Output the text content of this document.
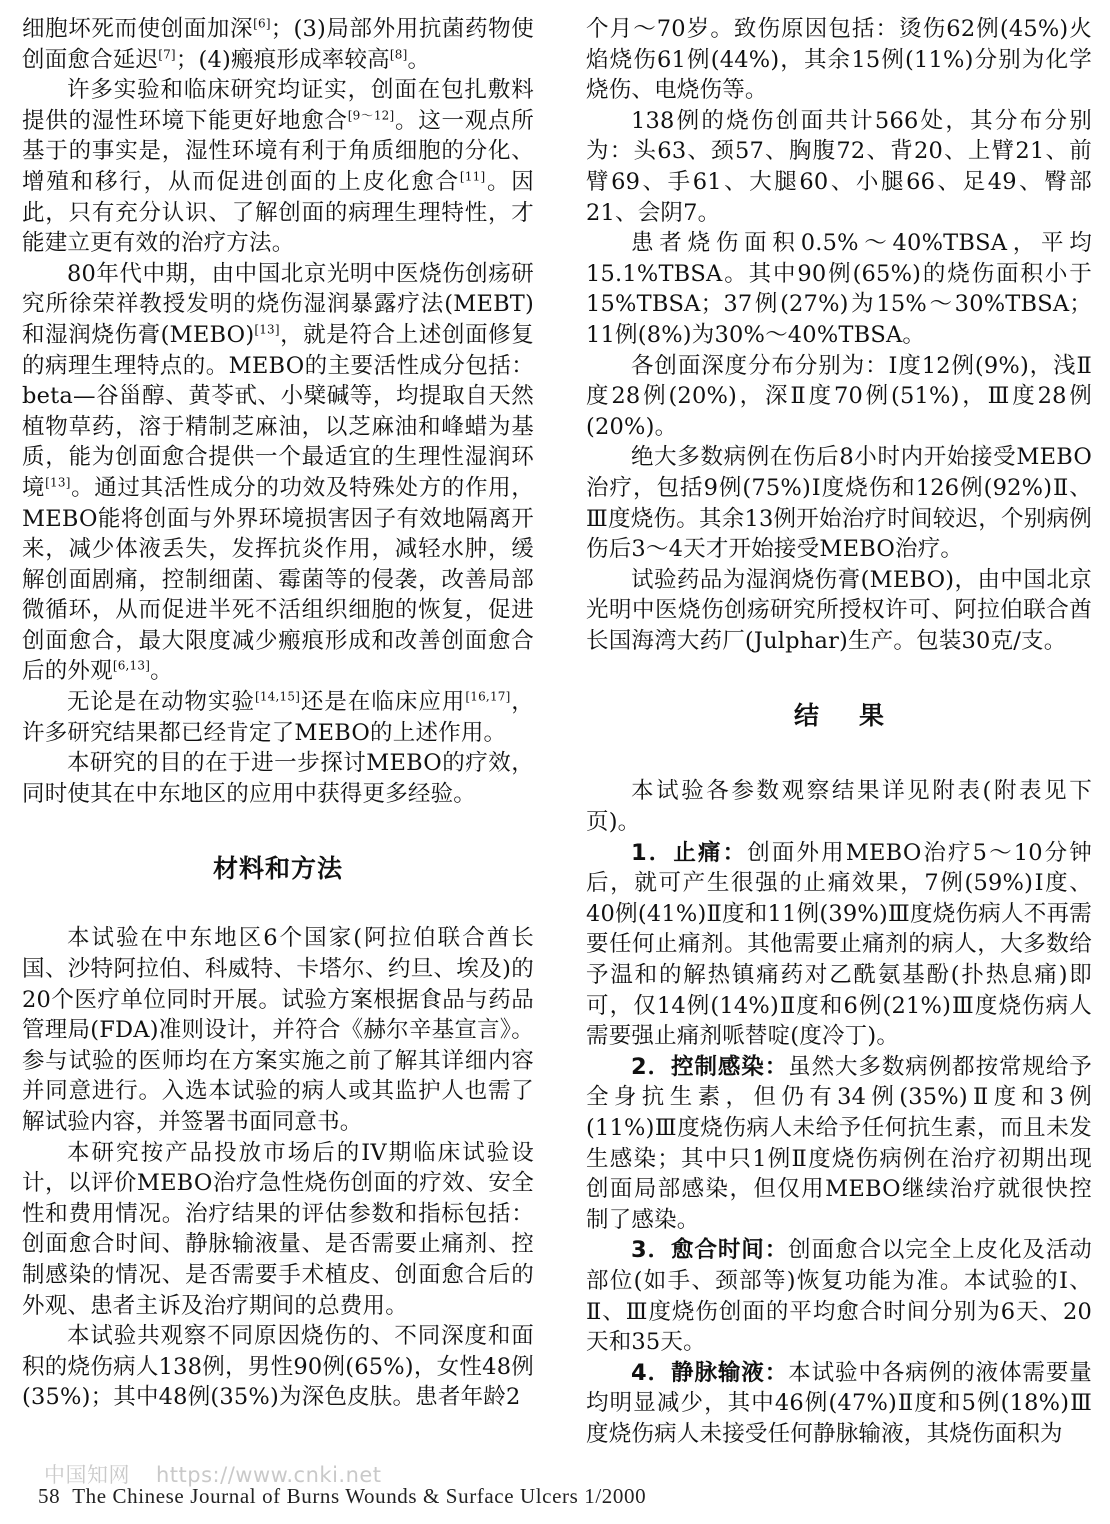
细胞坏死而使创面加深[6]；(3)局部外用抗菌药物使创面愈合延迟[7]；(4)瘢痕形成率较高[8]。

许多实验和临床研究均证实，创面在包扎敷料提供的湿性环境下能更好地愈合[9～12]。这一观点所基于的事实是，湿性环境有利于角质细胞的分化、增殖和移行，从而促进创面的上皮化愈合[11]。因此，只有充分认识、了解创面的病理生理特性，才能建立更有效的治疗方法。

80年代中期，由中国北京光明中医烧伤创疡研究所徐荣祥教授发明的烧伤湿润暴露疗法(MEBT)和湿润烧伤膏(MEBO)[13]，就是符合上述创面修复的病理生理特点的。MEBO的主要活性成分包括：beta—谷甾醇、黄苓甙、小檗碱等，均提取自天然植物草药，溶于精制芝麻油，以芝麻油和峰蜡为基质，能为创面愈合提供一个最适宜的生理性湿润环境[13]。通过其活性成分的功效及特殊处方的作用，MEBO能将创面与外界环境损害因子有效地隔离开来，减少体液丢失，发挥抗炎作用，减轻水肿，缓解创面剧痛，控制细菌、霉菌等的侵袭，改善局部微循环，从而促进半死不活组织细胞的恢复，促进创面愈合，最大限度减少瘢痕形成和改善创面愈合后的外观[6,13]。

无论是在动物实验[14,15]还是在临床应用[16,17]，许多研究结果都已经肯定了MEBO的上述作用。

本研究的目的在于进一步探讨MEBO的疗效，同时使其在中东地区的应用中获得更多经验。

材料和方法

本试验在中东地区6个国家(阿拉伯联合酋长国、沙特阿拉伯、科威特、卡塔尔、约旦、埃及)的20个医疗单位同时开展。试验方案根据食品与药品管理局(FDA)准则设计，并符合《赫尔辛基宣言》。参与试验的医师均在方案实施之前了解其详细内容并同意进行。入选本试验的病人或其监护人也需了解试验内容，并签署书面同意书。

本研究按产品投放市场后的IV期临床试验设计，以评价MEBO治疗急性烧伤创面的疗效、安全性和费用情况。治疗结果的评估参数和指标包括：创面愈合时间、静脉输液量、是否需要止痛剂、控制感染的情况、是否需要手术植皮、创面愈合后的外观、患者主诉及治疗期间的总费用。

本试验共观察不同原因烧伤的、不同深度和面积的烧伤病人138例，男性90例(65%)，女性48例(35%)；其中48例(35%)为深色皮肤。患者年龄2

个月～70岁。致伤原因包括：烫伤62例(45%)火焰烧伤61例(44%)，其余15例(11%)分别为化学烧伤、电烧伤等。

138例的烧伤创面共计566处，其分布分别为：头63、颈57、胸腹72、背20、上臂21、前臂69、手61、大腿60、小腿66、足49、臀部21、会阴7。

患者烧伤面积0.5%～40%TBSA，平均15.1%TBSA。其中90例(65%)的烧伤面积小于15%TBSA；37例(27%)为15%～30%TBSA；11例(8%)为30%～40%TBSA。

各创面深度分布分别为：Ⅰ度12例(9%)，浅Ⅱ度28例(20%)，深Ⅱ度70例(51%)，Ⅲ度28例(20%)。

绝大多数病例在伤后8小时内开始接受MEBO治疗，包括9例(75%)Ⅰ度烧伤和126例(92%)Ⅱ、Ⅲ度烧伤。其余13例开始治疗时间较迟，个别病例伤后3～4天才开始接受MEBO治疗。

试验药品为湿润烧伤膏(MEBO)，由中国北京光明中医烧伤创疡研究所授权许可、阿拉伯联合酋长国海湾大药厂(Julphar)生产。包装30克/支。

结果

本试验各参数观察结果详见附表(附表见下页)。

1．止痛：创面外用MEBO治疗5～10分钟后，就可产生很强的止痛效果，7例(59%)Ⅰ度、40例(41%)Ⅱ度和11例(39%)Ⅲ度烧伤病人不再需要任何止痛剂。其他需要止痛剂的病人，大多数给予温和的解热镇痛药对乙酰氨基酚(扑热息痛)即可，仅14例(14%)Ⅱ度和6例(21%)Ⅲ度烧伤病人需要强止痛剂哌替啶(度冷丁)。

2．控制感染：虽然大多数病例都按常规给予全身抗生素，但仍有34例(35%)Ⅱ度和3例(11%)Ⅲ度烧伤病人未给予任何抗生素，而且未发生感染；其中只1例Ⅱ度烧伤病例在治疗初期出现创面局部感染，但仅用MEBO继续治疗就很快控制了感染。

3．愈合时间：创面愈合以完全上皮化及活动部位(如手、颈部等)恢复功能为准。本试验的Ⅰ、Ⅱ、Ⅲ度烧伤创面的平均愈合时间分别为6天、20天和35天。

4．静脉输液：本试验中各病例的液体需要量均明显减少，其中46例(47%)Ⅱ度和5例(18%)Ⅲ度烧伤病人未接受任何静脉输液，其烧伤面积为

中国知网 https://www.cnki.net
58 The Chinese Journal of Burns Wounds & Surface Ulcers 1/2000
